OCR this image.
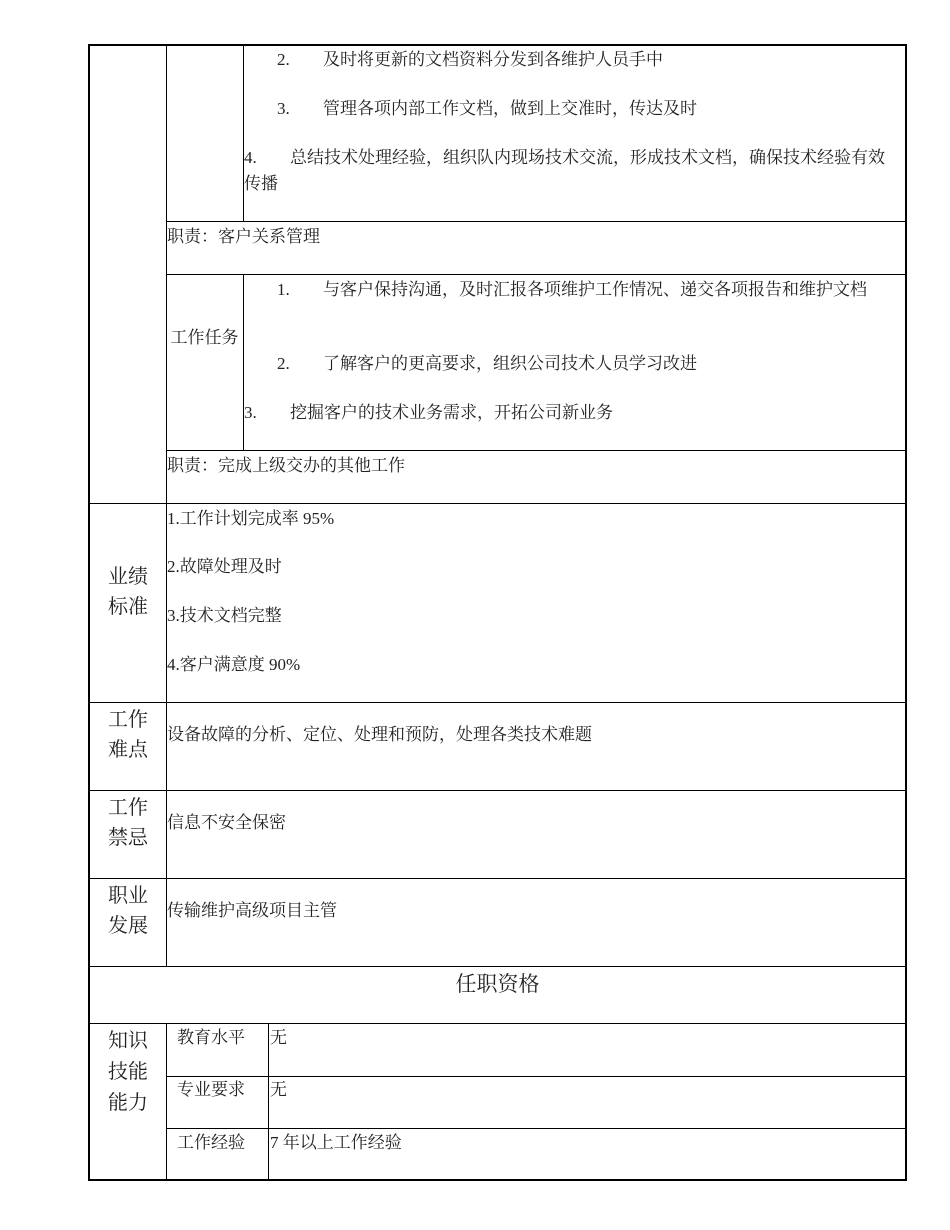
2. 及时将更新的文档资料分发到各维护人员手中
3. 管理各项内部工作文档，做到上交准时，传达及时
4. 总结技术处理经验，组织队内现场技术交流，形成技术文档，确保技术经验有效传播
职责：客户关系管理
工作任务
1. 与客户保持沟通，及时汇报各项维护工作情况、递交各项报告和维护文档
2. 了解客户的更高要求，组织公司技术人员学习改进
3. 挖掘客户的技术业务需求，开拓公司新业务
职责：完成上级交办的其他工作
业绩标准
1.工作计划完成率 95%
2.故障处理及时
3.技术文档完整
4.客户满意度 90%
工作难点
设备故障的分析、定位、处理和预防，处理各类技术难题
工作禁忌
信息不安全保密
职业发展
传输维护高级项目主管
任职资格
知识技能能力
教育水平 无
专业要求 无
工作经验 7 年以上工作经验
